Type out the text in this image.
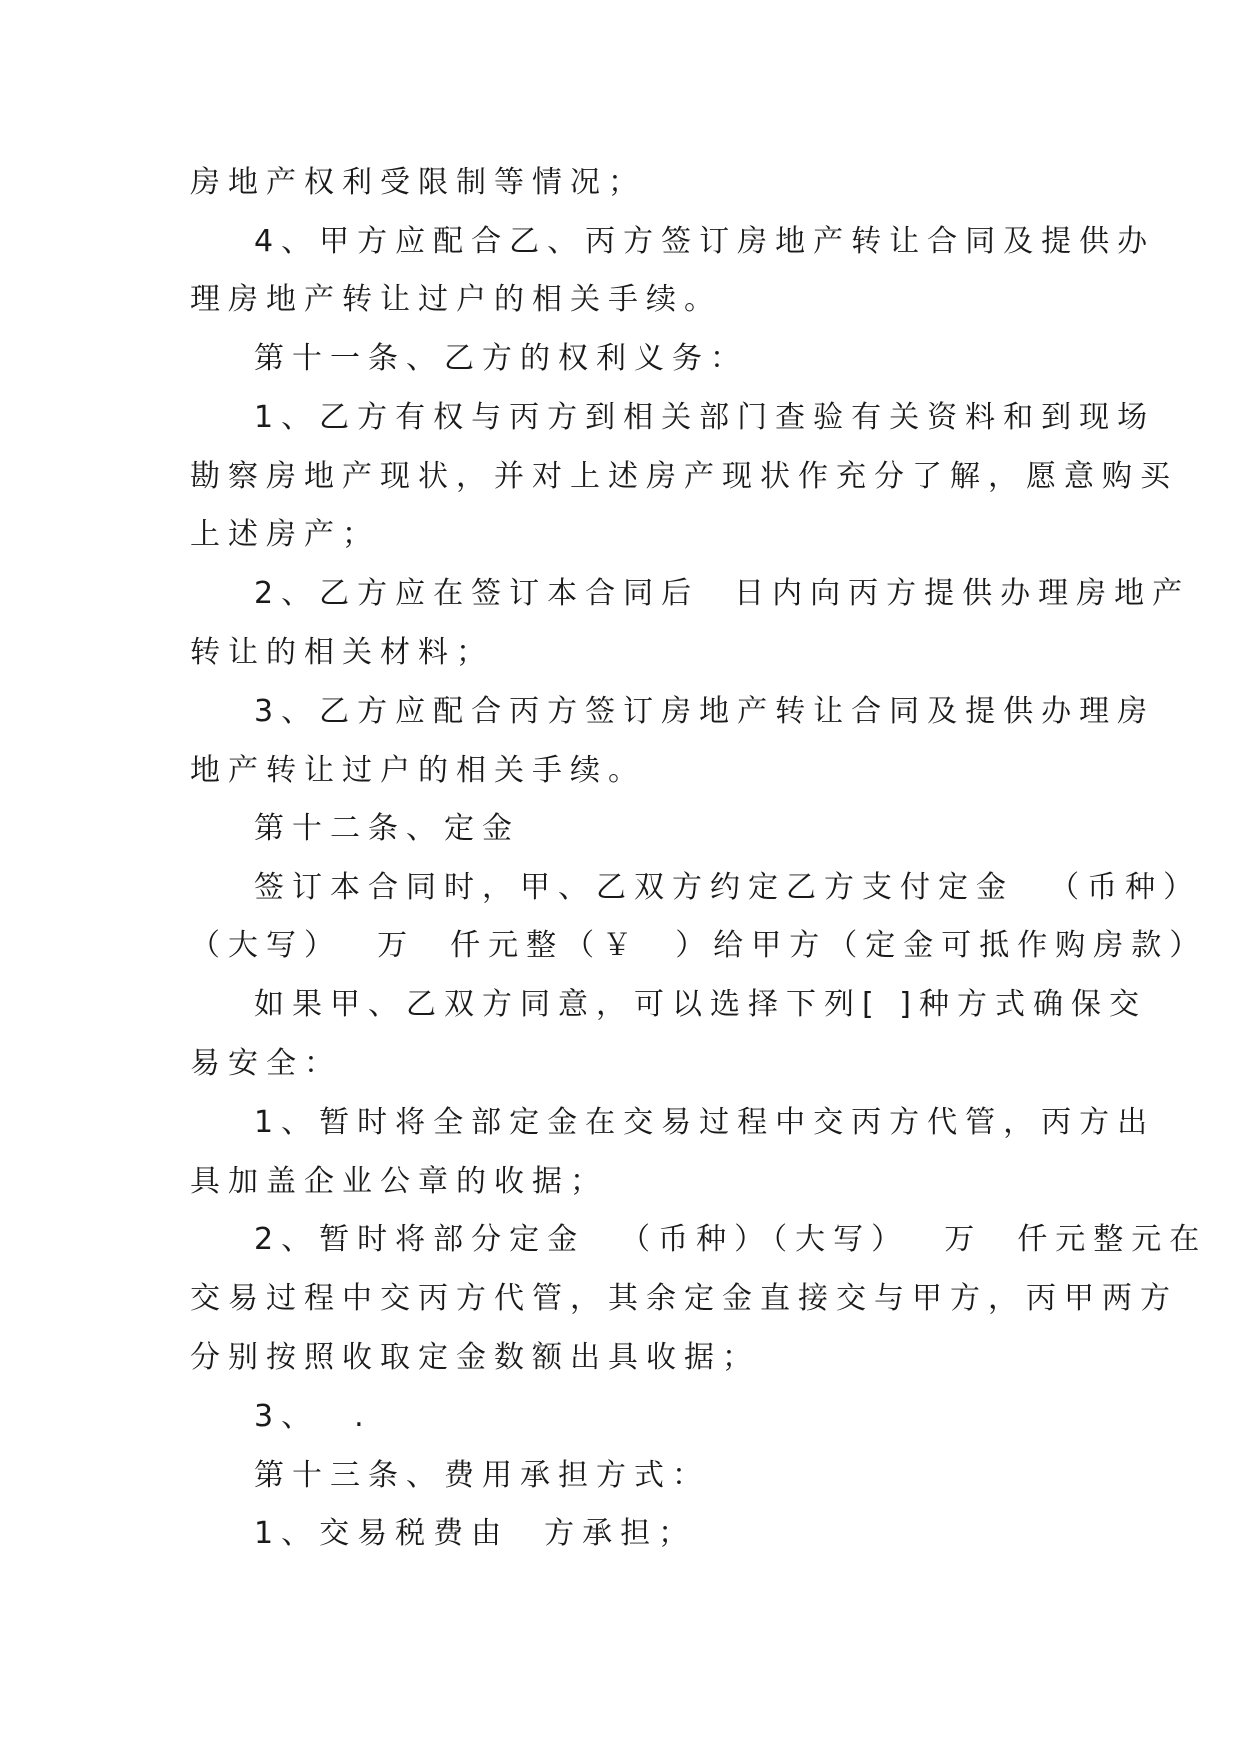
房地产权利受限制等情况；
4、甲方应配合乙、丙方签订房地产转让合同及提供办
理房地产转让过户的相关手续。
第十一条、乙方的权利义务：
1、乙方有权与丙方到相关部门查验有关资料和到现场
勘察房地产现状，并对上述房产现状作充分了解，愿意购买
上述房产；
2、乙方应在签订本合同后  日内向丙方提供办理房地产
转让的相关材料；
3、乙方应配合丙方签订房地产转让合同及提供办理房
地产转让过户的相关手续。
第十二条、定金
签订本合同时，甲、乙双方约定乙方支付定金  （币种）
（大写）  万  仟元整（￥  ）给甲方（定金可抵作购房款）
如果甲、乙双方同意，可以选择下列[ ]种方式确保交
易安全：
1、暂时将全部定金在交易过程中交丙方代管，丙方出
具加盖企业公章的收据；
2、暂时将部分定金  （币种）（大写）  万  仟元整元在
交易过程中交丙方代管，其余定金直接交与甲方，丙甲两方
分别按照收取定金数额出具收据；
3、  .
第十三条、费用承担方式：
1、交易税费由  方承担；
